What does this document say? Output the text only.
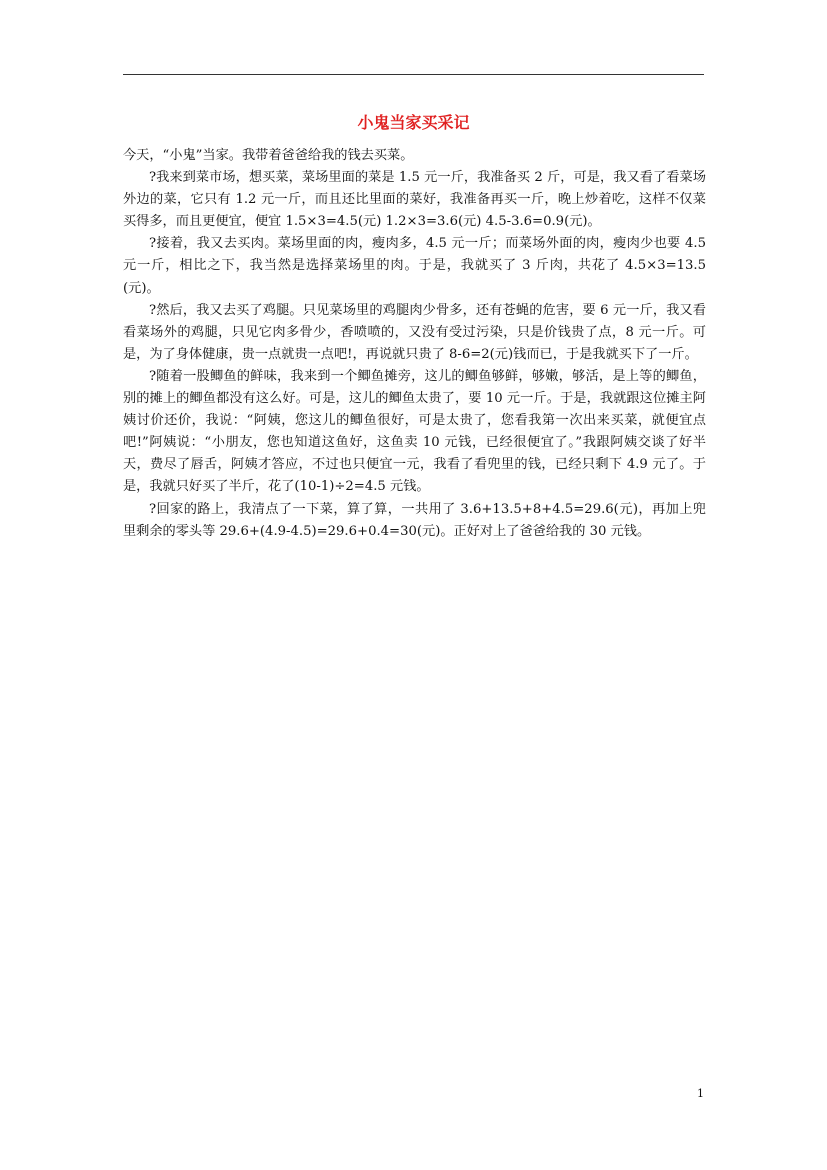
小鬼当家买采记

今天，“小鬼”当家。我带着爸爸给我的钱去买菜。

?我来到菜市场，想买菜，菜场里面的菜是 1.5 元一斤，我准备买 2 斤，可是，我又看了看菜场外边的菜，它只有 1.2 元一斤，而且还比里面的菜好，我准备再买一斤，晚上炒着吃，这样不仅菜买得多，而且更便宜，便宜 1.5×3=4.5(元) 1.2×3=3.6(元) 4.5-3.6=0.9(元)。

?接着，我又去买肉。菜场里面的肉，瘦肉多，4.5 元一斤；而菜场外面的肉，瘦肉少也要 4.5 元一斤，相比之下，我当然是选择菜场里的肉。于是，我就买了 3 斤肉，共花了 4.5×3=13.5(元)。

?然后，我又去买了鸡腿。只见菜场里的鸡腿肉少骨多，还有苍蝇的危害，要 6 元一斤，我又看看菜场外的鸡腿，只见它肉多骨少，香喷喷的，又没有受过污染，只是价钱贵了点，8 元一斤。可是，为了身体健康，贵一点就贵一点吧!，再说就只贵了 8-6=2(元)钱而已，于是我就买下了一斤。

?随着一股鲫鱼的鲜味，我来到一个鲫鱼摊旁，这儿的鲫鱼够鲜，够嫩，够活，是上等的鲫鱼，别的摊上的鲫鱼都没有这么好。可是，这儿的鲫鱼太贵了，要 10 元一斤。于是，我就跟这位摊主阿姨讨价还价，我说：“阿姨，您这儿的鲫鱼很好，可是太贵了，您看我第一次出来买菜，就便宜点吧!”阿姨说：“小朋友，您也知道这鱼好，这鱼卖 10 元钱，已经很便宜了。”我跟阿姨交谈了好半天，费尽了唇舌，阿姨才答应，不过也只便宜一元，我看了看兜里的钱，已经只剩下 4.9 元了。于是，我就只好买了半斤，花了(10-1)÷2=4.5 元钱。

?回家的路上，我清点了一下菜，算了算，一共用了 3.6+13.5+8+4.5=29.6(元)，再加上兜里剩余的零头等 29.6+(4.9-4.5)=29.6+0.4=30(元)。正好对上了爸爸给我的 30 元钱。

1
